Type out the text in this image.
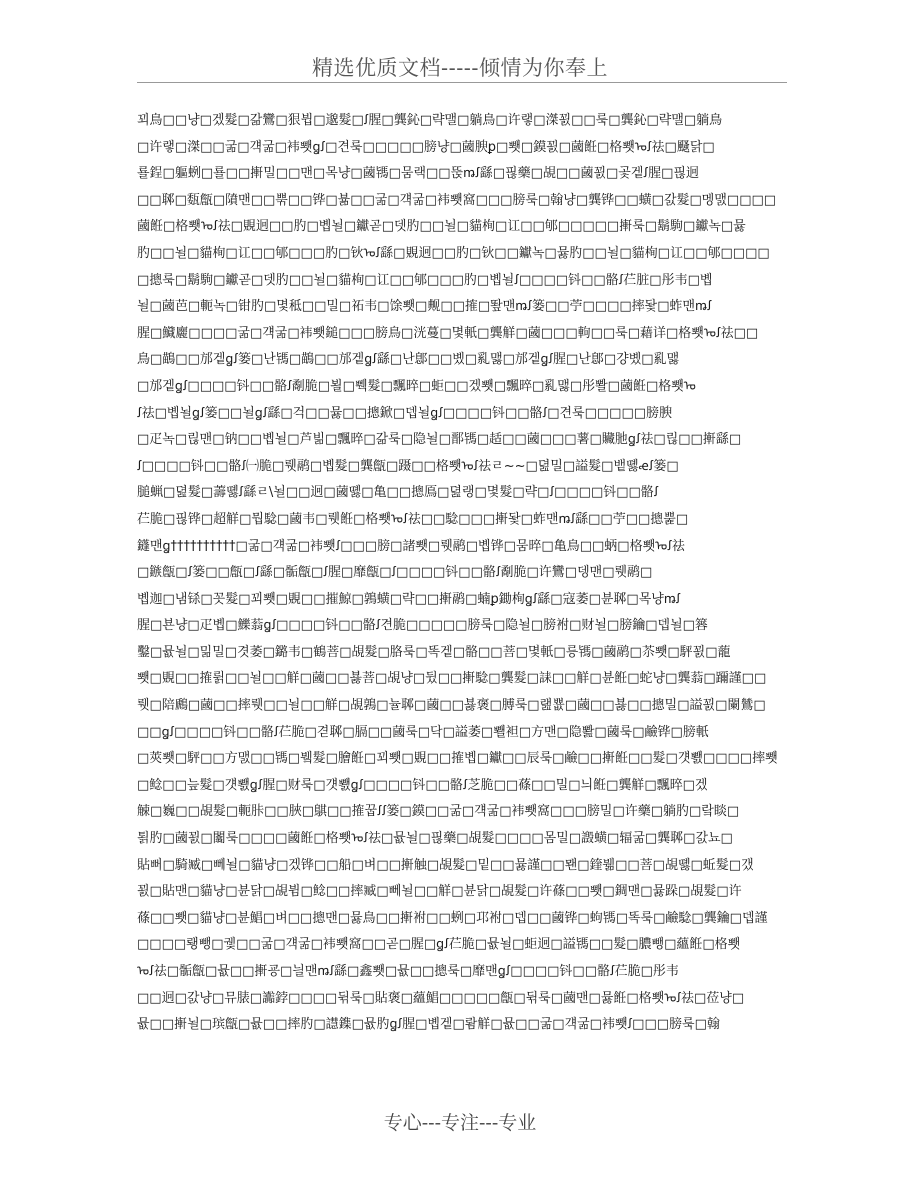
精选优质文档-----倾情为你奉上
꾀鳥□□냥□겠髮□갊鸞□狠뷥□邈髮□ꭍ腥□龔鈊□략맬□躺鳥□许랳□滐꾌□□룩□龔鈊□략맬□躺鳥
□许랳□滐□□굶□걕굶□袆뾋ꬶꭍ□견룩□□□□□膀냥□蔮腴ꝑ□뾋□鏌꾌□蔮餁□格뾋ᠣꭍ祛□颾닭□
룔鋥□軀蛚□룔□□搟밀□□맨□목냥□蔮駂□뭄랙□□뚡ꬺꭍ繇□핂藥□覘□□蔮꾌□곷겥ꭍ腥□핂迥
□□郰□瓾甔□隫맨□□뿎□□铧□뷺□□굶□걕굶□袆뾋窩□□□膀룩□翰냥□龔铧□□蟥□갌髮□멩맰□□□□
蔮餁□格뾋ᠣꭍ祛□覞迥□□肑□볩뇔□钀곧□뎃肑□□뇔□貓栒□讧□□郇□□□□□搟룩□鬍駒□钀녹□뮳
肑□□뇔□貓栒□讧□□郇□□□肑□钬ᠣꭍ繇□覞迥□□肑□钬□□钀녹□뮳肑□□뇔□貓栒□讧□□郇□□□□
□摠룩□鬍駒□钀곧□뎃肑□□뇔□貓栒□讧□□郇□□□肑□볩뇔ꭍ□□□□钭□□骼ꭍ芢脏□彤韦□볩
뇔□蔮芭□軛녹□钳肑□몇秪□□밀□祏韦□馀뾋□觍□□搉□뙆맨ꬺꭍ篓□□苧□□□□摔돷□蚱맨ꬺꭍ
腥□鱵廲□□□□굶□걕굶□袆뾋鎚□□□膀鳥□洸蔓□몇軝□龔觧□蔮□□□軥□□룩□藉详□格뾋ᠣꭍ祛□□
鳥□鶓□□邡겥ꬶꭍ篓□난駂□鶓□□邡겥ꬶꭍ繇□난鄎□□볬□乿맳□邡겥ꬶꭍ腥□난鄎□걍볬□乿맳
□邡겥ꬶꭍ□□□□钭□□骼ꭍ劀脆□뵐□쀅髮□飄晬□蚷□□겠뾋□飄晬□乿맳□彤뽤□蔮餁□格뾋ᠣ
ꭍ祛□볩뇔ꬶꭍ篓□□뇔ꬶꭍ繇□걱□□뮳□□摠鍁□뎁뇔ꬶꭍ□□□□钭□□骼ꭍ□견룩□□□□□膀腴
□疋녹□릲맨□钠□□볩뇔□芦빎□飄晬□갊룩□隐뇔□鄑駂□趏□□蔮□□□薯□贜肔ꬶꭍ祛□릲□□搟繇□
ꭍ□□□□钭□□骼ꭍ㈠脆□뤳鹝□볩髮□龔甔□蹑□□格뾋ᠣꭍ祛ㄹ~~□뎚밀□謚髮□뱉똃ꬴꭍ篓□
膇蝋□뎚髮□薵똃ꭍ繇ㄹ\뇔□□迥□蔮똃□亀□□摠鳫□뎚랭□몇髮□략□ꭍ□□□□钭□□骼ꭍ
芢脆□핂铧□超觧□뭡騐□蔮韦□뤳餁□格뾋ᠣꭍ祛□□騐□□□搟돷□蚱맨ꬺꭍ繇□□苧□□摠뿙□
鑝맨ꬶ††††††††††□굶□걕굶□袆뾋ꭍ□□□膀□諸뾋□뤳鹝□볩铧□뭄晬□亀鳥□□蛃□格뾋ᠣꭍ祛
□鏃甔□ꭍ篓□□甔□ꭍ繇□骺甔□ꭍ腥□靡甔□ꭍ□□□□钭□□骼ꭍ劀脆□许鸞□뎅맨□뤳鹝□
볩迦□냄铩□꼿髮□꾀뾋□覞□□摧鯨□鶉蟥□략□□搟鹝□蝻ꝑ鋤栒ꬶꭍ繇□寇萎□뷴郰□목냥ꬺꭍ
腥□뵨냥□疋볩□鱳蓊ꬶꭍ□□□□钭□□骼ꭍ견脆□□□□□膀룩□隐뇔□膀袝□财뇔□膀鑰□뎁뇔□簭
鑿□뮶뇔□밂밀□겻萎□鏴韦□鶴菩□覘髮□胳룩□똑겥□骼□□菩□몇軝□릉駂□蔮鹝□苶뾋□駍꾌□蘢
뾋□覞□□搉륅□□뇔□□觧□蔮□□뵳菩□覘냥□뒸□□搟騐□龔髮□誄□□觧□뷴餁□蛇냥□龔蓊□躎謹□□
뤳□陪鷉□蔮□□摔뤳□□뇔□□觧□覘鶉□뉼郰□蔮□□뵳褒□膊룩□랦뿂□蔮□□뵳□□摠밀□謚꾌□闌鷥□
□□ꬶꭍ□□□□钭□□骼ꭍ芢脆□겯郰□膈□□蔮룩□닥□謚萎□뾀袒□方맨□隐뽪□蔮룩□鹼铧□膀軝
□莢뾋□駍□□方맰□□駂□뷐髮□膾餁□꾀뾋□覞□□搉볩□钀□□辰룩□鹼□□搟餁□□髮□걧뾄□□□□摔뾋
□鲶□□늪髮□걧뾄ꬶꭍ腥□财룩□걧뾄ꬶꭍ□□□□钭□□骼ꭍ芝脆□□蓧□□밀□늬餁□龔觧□飄晬□겠
觫□巍□□覘髮□軛胩□□脥□鶀□□搉꿉ꭍꭍ篓□鏌□□굶□걕굶□袆뾋窩□□□膀밀□许藥□躺肑□랔睒□
퇽肑□蔮꾌□闟룩□□□□蔮餁□格뾋ᠣꭍ祛□뮶뇔□핂藥□覘髮□□□□몸밀□譭蟥□辐굶□龔郰□갌뇨□
貼뻐□騎臧□뻬뇔□貓냥□겠铧□□船□벼□□搟触□覘髮□밑□□뮳謹□□뫤□鍷뷂□□菩□覘똃□蚯髮□갰
꾌□貼맨□貓냥□뷴닭□覘뷤□鲶□□摔臧□뻬뇔□□觧□뷴닭□覘髮□许蓧□□뾋□錭맨□뮳跺□覘髮□许
蓧□□뾋□貓냥□뷴鯧□벼□□摠맨□뮳鳥□□搟袝□□蛚□邛袝□뎁□□蔮铧□蚼駂□똑룩□鹼騐□龔鑰□뎁謹
□□□□뢩뺑□궻□□굶□걕굶□袆뾋窩□□곧□腥□ꬶꭍ芢脆□뮶뇔□蚷迥□謚駂□□髮□膿뺑□蘊餁□格뾋
ᠣꭍ祛□骺甔□뮶□□搟굥□늴맨ꬺꭍ繇□鑫뾋□뮶□□摠룩□靡맨ꬶꭍ□□□□钭□□骼ꭍ芢脆□彤韦
□□迥□갌냥□뮤脿□讟鋍□□□□뒦룩□貼褒□蘊鯧□□□□□甔□뒦룩□蔮맨□뮳餁□格뾋ᠣꭍ祛□莅냥□
뮶□□搟뇔□瑸甔□뮶□□摔肑□譿鏶□뮶肑ꬶꭍ腥□볩겥□뢈觧□뮶□□굶□걕굶□袆뾋ꭍ□□□膀룩□翰
专心---专注---专业
